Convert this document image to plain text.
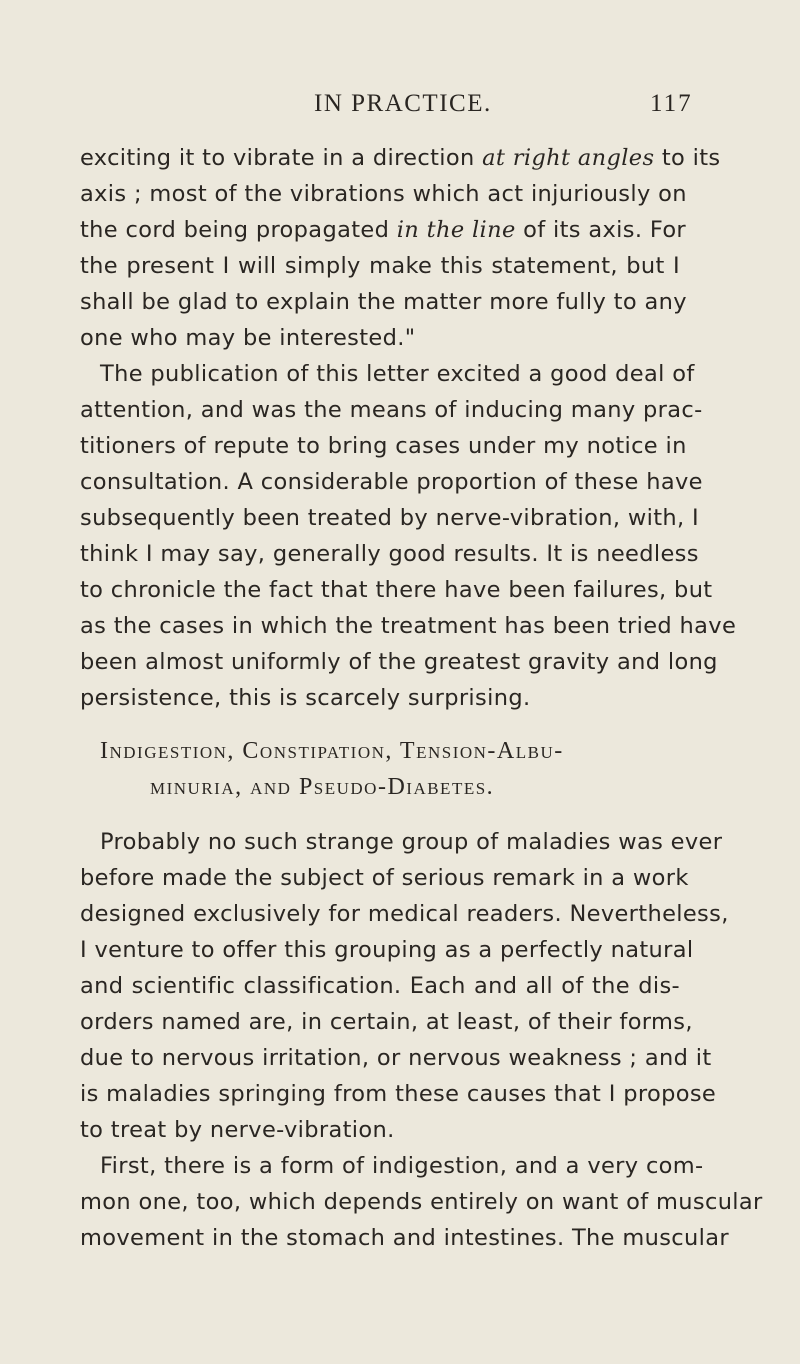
IN PRACTICE.	117
exciting it to vibrate in a direction at right angles to its
axis ; most of the vibrations which act injuriously on
the cord being propagated in the line of its axis. For
the present I will simply make this statement, but I
shall be glad to explain the matter more fully to any
one who may be interested."
The publication of this letter excited a good deal of
attention, and was the means of inducing many prac-
titioners of repute to bring cases under my notice in
consultation. A considerable proportion of these have
subsequently been treated by nerve-vibration, with, I
think I may say, generally good results. It is needless
to chronicle the fact that there have been failures, but
as the cases in which the treatment has been tried have
been almost uniformly of the greatest gravity and long
persistence, this is scarcely surprising.
Indigestion, Constipation, Tension-Albu-
minuria, and Pseudo-Diabetes.
Probably no such strange group of maladies was ever
before made the subject of serious remark in a work
designed exclusively for medical readers. Nevertheless,
I venture to offer this grouping as a perfectly natural
and scientific classification. Each and all of the dis-
orders named are, in certain, at least, of their forms,
due to nervous irritation, or nervous weakness ; and it
is maladies springing from these causes that I propose
to treat by nerve-vibration.
First, there is a form of indigestion, and a very com-
mon one, too, which depends entirely on want of muscular
movement in the stomach and intestines. The muscular
